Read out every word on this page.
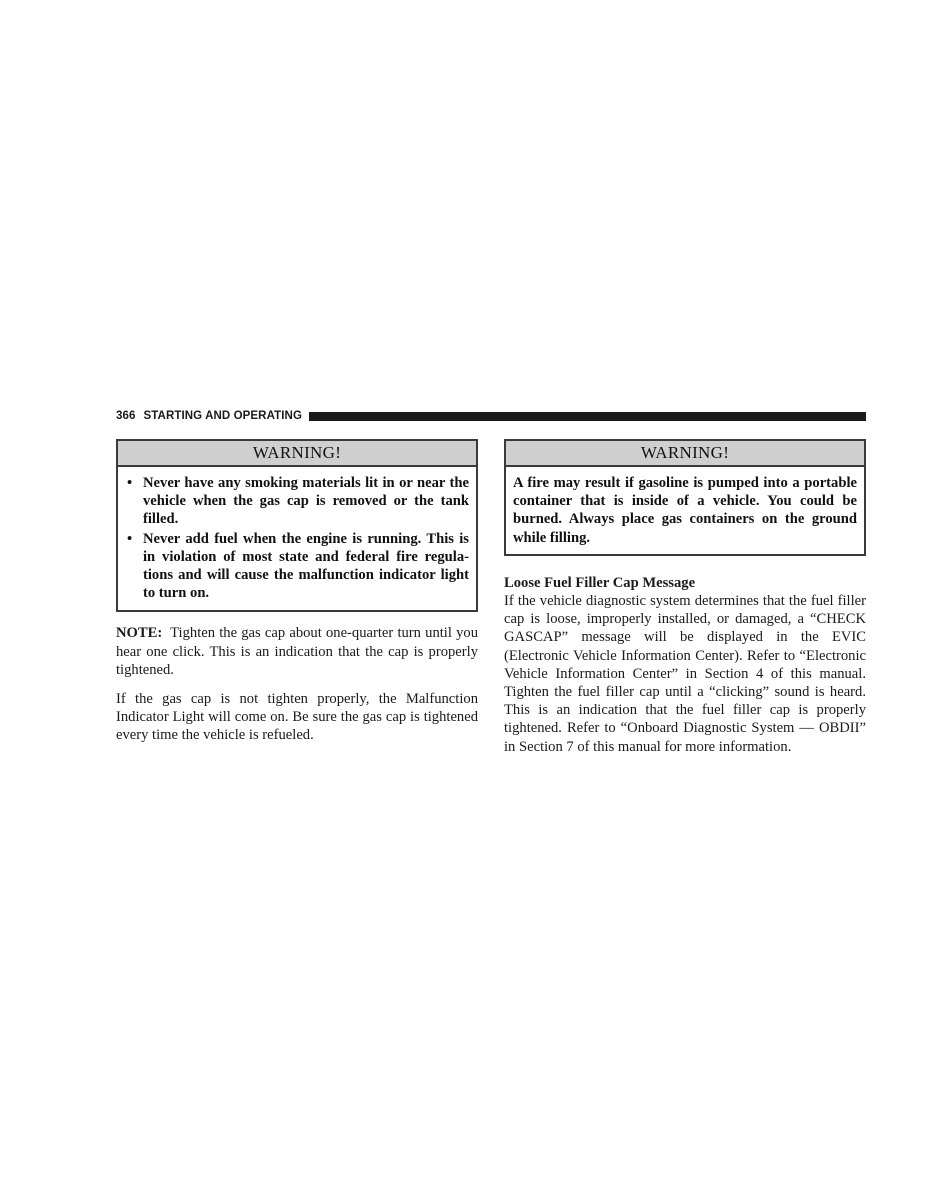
366 STARTING AND OPERATING
WARNING!
• Never have any smoking materials lit in or near the vehicle when the gas cap is removed or the tank filled.
• Never add fuel when the engine is running. This is in violation of most state and federal fire regula-tions and will cause the malfunction indicator light to turn on.

NOTE: Tighten the gas cap about one-quarter turn until you hear one click. This is an indication that the cap is properly tightened.

If the gas cap is not tighten properly, the Malfunction Indicator Light will come on. Be sure the gas cap is tightened every time the vehicle is refueled.

WARNING!
A fire may result if gasoline is pumped into a portable container that is inside of a vehicle. You could be burned. Always place gas containers on the ground while filling.

Loose Fuel Filler Cap Message

If the vehicle diagnostic system determines that the fuel filler cap is loose, improperly installed, or damaged, a “CHECK GASCAP” message will be displayed in the EVIC (Electronic Vehicle Information Center). Refer to “Electronic Vehicle Information Center” in Section 4 of this manual. Tighten the fuel filler cap until a “clicking” sound is heard. This is an indication that the fuel filler cap is properly tightened. Refer to “Onboard Diagnostic System — OBDII” in Section 7 of this manual for more information.
